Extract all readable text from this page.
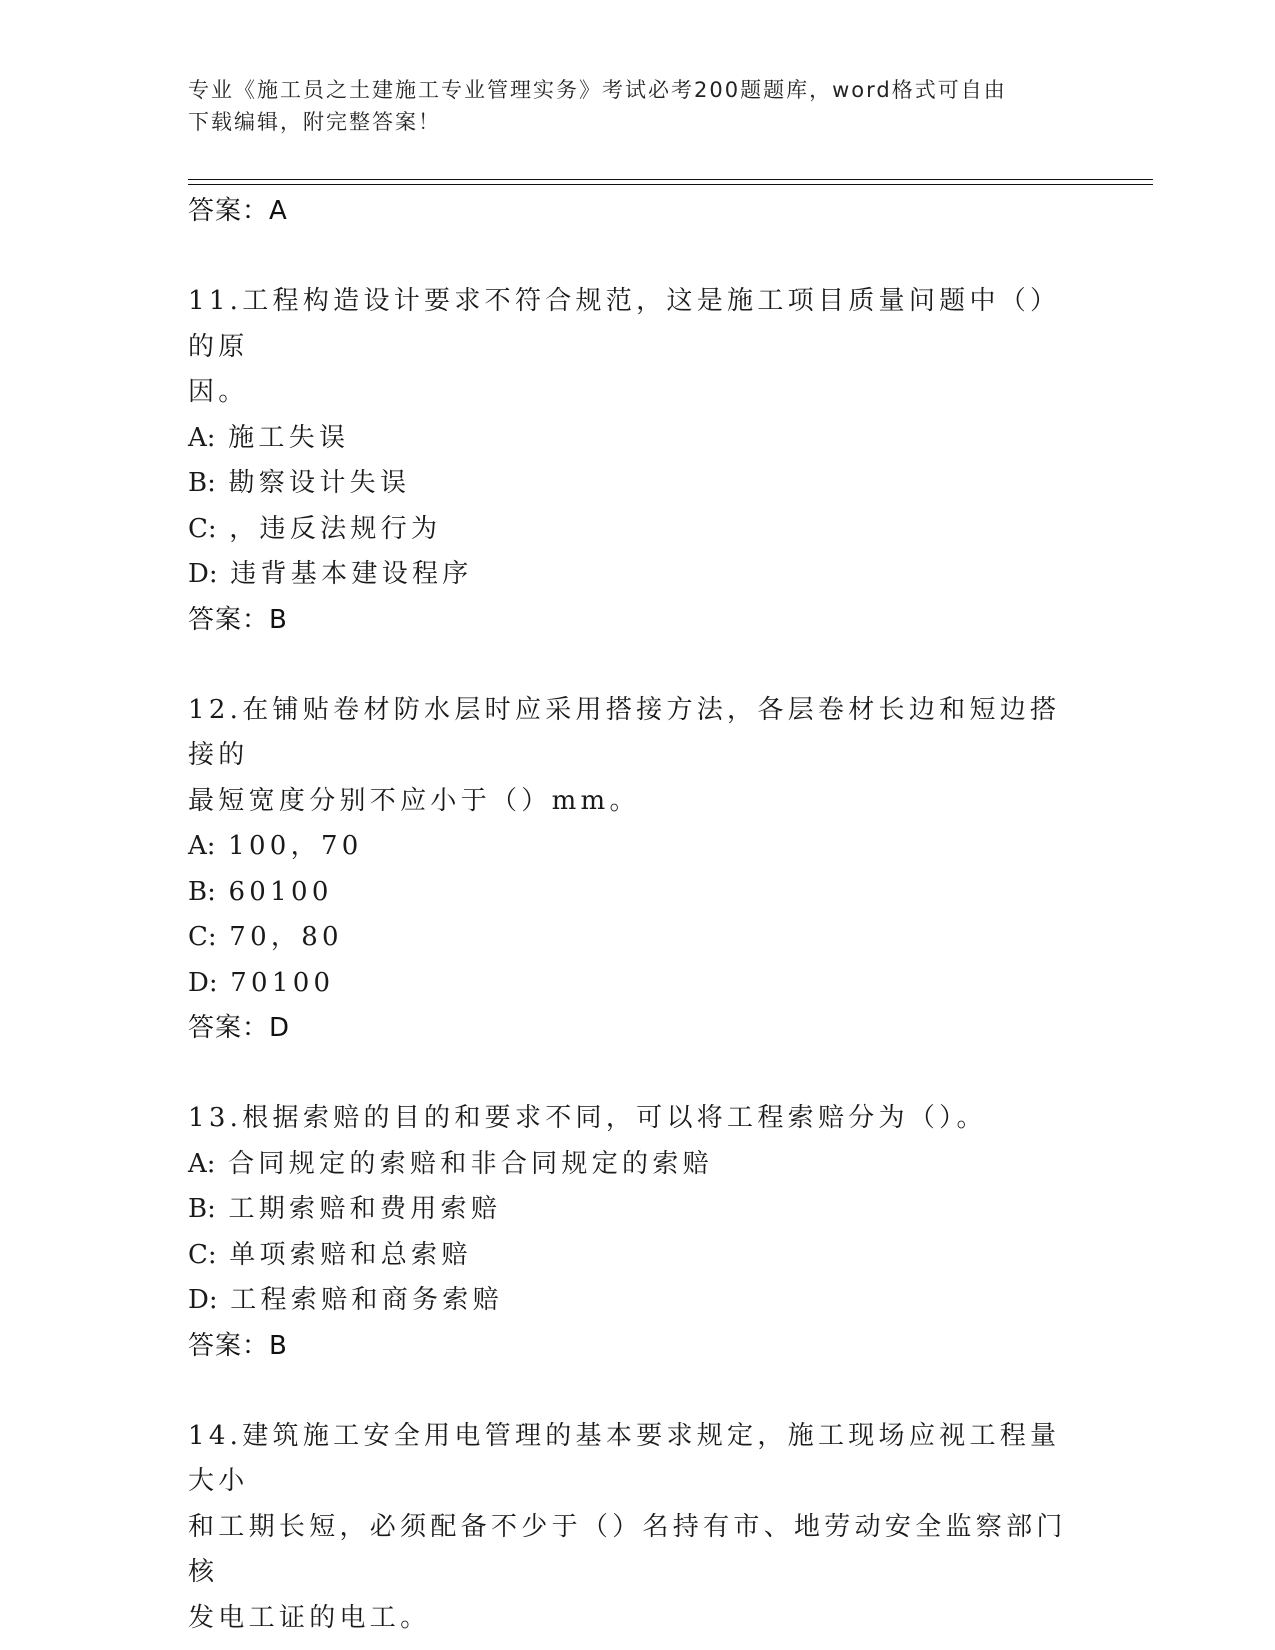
专业《施工员之土建施工专业管理实务》考试必考200题题库，word格式可自由
下载编辑，附完整答案！
答案：A
11.工程构造设计要求不符合规范，这是施工项目质量问题中（）的原
因。
A: 施工失误
B: 勘察设计失误
C: ，违反法规行为
D: 违背基本建设程序
答案：B
12.在铺贴卷材防水层时应采用搭接方法，各层卷材长边和短边搭接的
最短宽度分别不应小于（）mm。
A: 100，70
B: 60100
C: 70，80
D: 70100
答案：D
13.根据索赔的目的和要求不同，可以将工程索赔分为（）。
A: 合同规定的索赔和非合同规定的索赔
B: 工期索赔和费用索赔
C: 单项索赔和总索赔
D: 工程索赔和商务索赔
答案：B
14.建筑施工安全用电管理的基本要求规定，施工现场应视工程量大小
和工期长短，必须配备不少于（）名持有市、地劳动安全监察部门核
发电工证的电工。
